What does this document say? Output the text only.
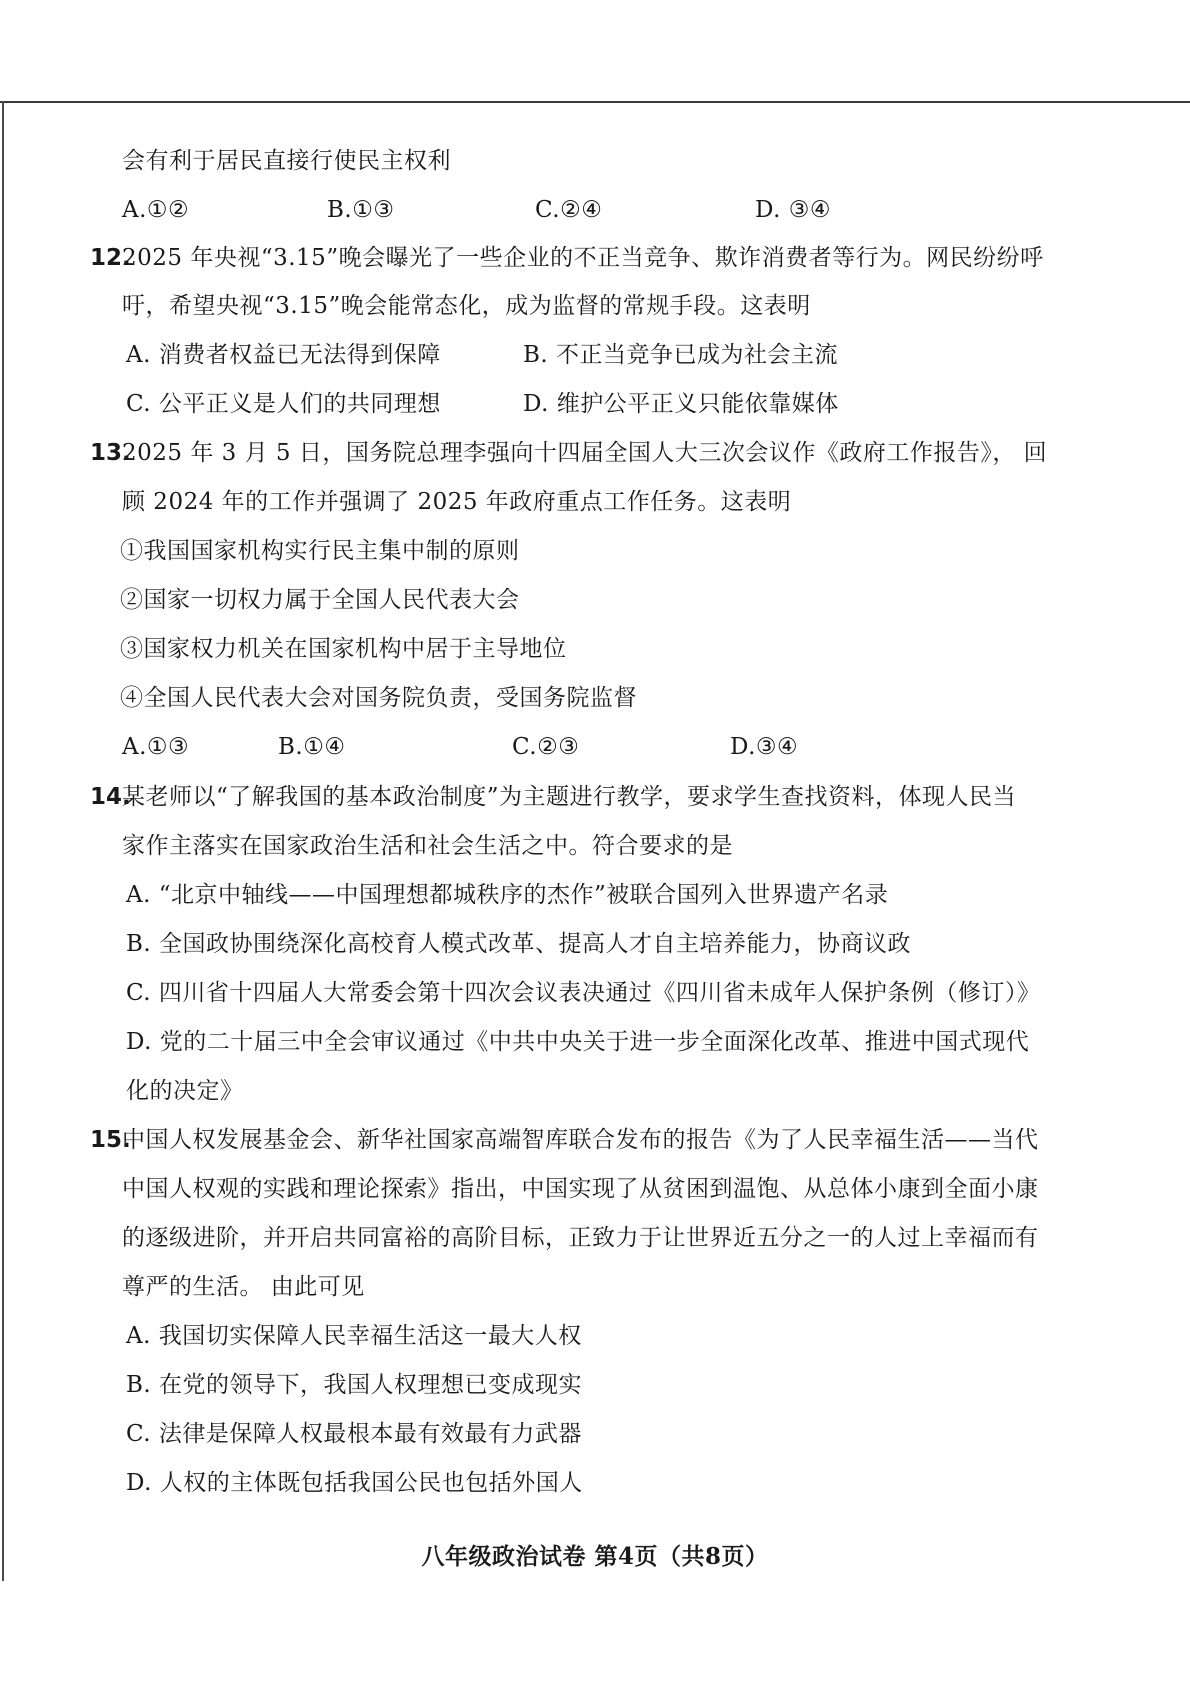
会有利于居民直接行使民主权利
A.①②	B.①③	C.②④	D. ③④
12.
2025 年央视“3.15”晚会曝光了一些企业的不正当竞争、欺诈消费者等行为。网民纷纷呼
吁，希望央视“3.15”晚会能常态化，成为监督的常规手段。这表明
A. 消费者权益已无法得到保障	B. 不正当竞争已成为社会主流
C. 公平正义是人们的共同理想	D. 维护公平正义只能依靠媒体
13.
2025 年 3 月 5 日，国务院总理李强向十四届全国人大三次会议作《政府工作报告》， 回
顾 2024 年的工作并强调了 2025 年政府重点工作任务。这表明
①我国国家机构实行民主集中制的原则
②国家一切权力属于全国人民代表大会
③国家权力机关在国家机构中居于主导地位
④全国人民代表大会对国务院负责，受国务院监督
A.①③	B.①④	C.②③	D.③④
14.
某老师以“了解我国的基本政治制度”为主题进行教学，要求学生查找资料，体现人民当
家作主落实在国家政治生活和社会生活之中。符合要求的是
A. “北京中轴线——中国理想都城秩序的杰作”被联合国列入世界遗产名录
B. 全国政协围绕深化高校育人模式改革、提高人才自主培养能力，协商议政
C. 四川省十四届人大常委会第十四次会议表决通过《四川省未成年人保护条例（修订）》
D. 党的二十届三中全会审议通过《中共中央关于进一步全面深化改革、推进中国式现代
化的决定》
15.
中国人权发展基金会、新华社国家高端智库联合发布的报告《为了人民幸福生活——当代
中国人权观的实践和理论探索》指出，中国实现了从贫困到温饱、从总体小康到全面小康
的逐级进阶，并开启共同富裕的高阶目标，正致力于让世界近五分之一的人过上幸福而有
尊严的生活。 由此可见
A. 我国切实保障人民幸福生活这一最大人权
B. 在党的领导下，我国人权理想已变成现实
C. 法律是保障人权最根本最有效最有力武器
D. 人权的主体既包括我国公民也包括外国人
八年级政治试卷 第4页（共8页）
